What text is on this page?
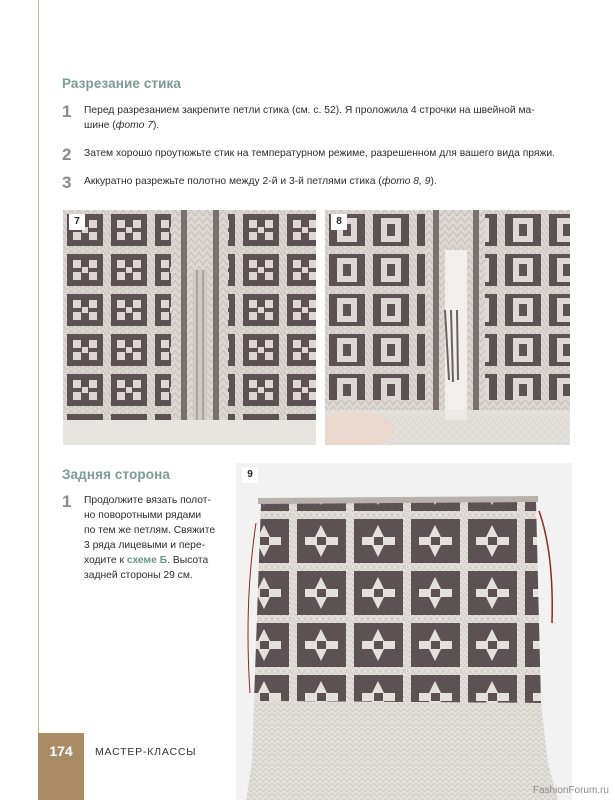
Разрезание стика
1	Перед разрезанием закрепите петли стика (см. с. 52). Я проложила 4 строчки на швейной ма-
шине (фото 7).
2	Затем хорошо проутюжьте стик на температурном режиме, разрешенном для вашего вида пряжи.
3	Аккуратно разрежьте полотно между 2-й и 3-й петлями стика (фото 8, 9).
7	8
Задняя сторона
1	Продолжите вязать полот-
но поворотными рядами
по тем же петлям. Свяжите
3 ряда лицевыми и пере-
ходите к схеме Б. Высота
задней стороны 29 см.
9
174	МАСТЕР-КЛАССЫ
FashionForum.ru
